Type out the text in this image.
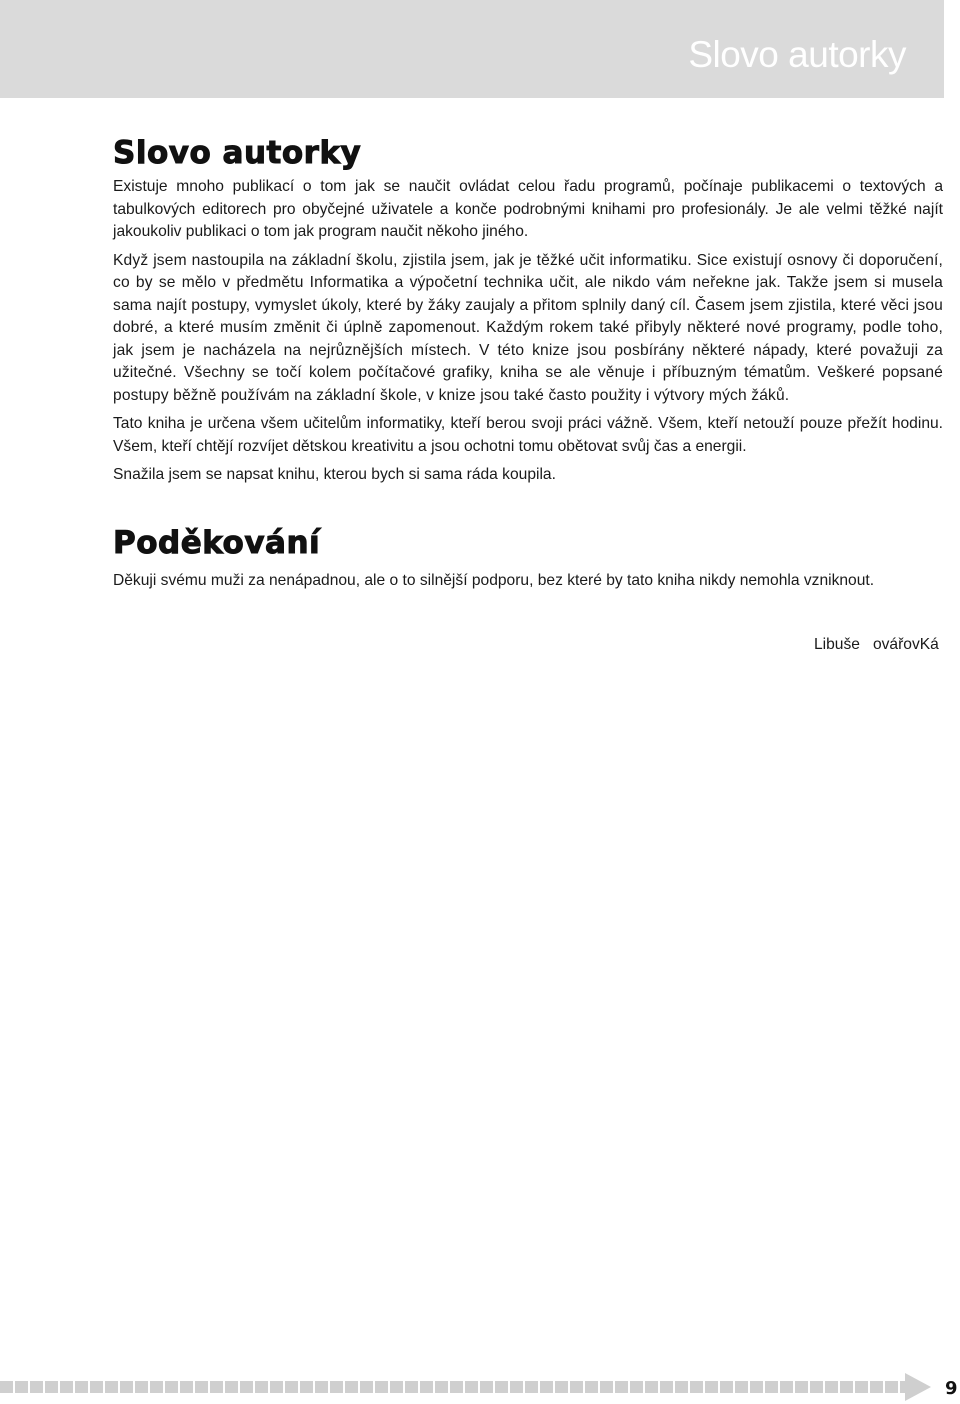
Slovo autorky
Slovo autorky

Existuje mnoho publikací o tom jak se naučit ovládat celou řadu programů, počínaje publikacemi o textových a tabulkových editorech pro obyčejné uživatele a konče podrobnými knihami pro profesionály. Je ale velmi těžké najít jakoukoliv publikaci o tom jak program naučit někoho jiného.

Když jsem nastoupila na základní školu, zjistila jsem, jak je těžké učit informatiku. Sice existují osnovy či doporučení, co by se mělo v předmětu Informatika a výpočetní technika učit, ale nikdo vám neřekne jak. Takže jsem si musela sama najít postupy, vymyslet úkoly, které by žáky zaujaly a přitom splnily daný cíl. Časem jsem zjistila, které věci jsou dobré, a které musím změnit či úplně zapomenout. Každým rokem také přibyly některé nové programy, podle toho, jak jsem je nacházela na nejrůznějších místech. V této knize jsou posbírány některé nápady, které považuji za užitečné. Všechny se točí kolem počítačové grafiky, kniha se ale věnuje i příbuzným tématům. Veškeré popsané postupy běžně používám na základní škole, v knize jsou také často použity i výtvory mých žáků.

Tato kniha je určena všem učitelům informatiky, kteří berou svoji práci vážně. Všem, kteří netouží pouze přežít hodinu. Všem, kteří chtějí rozvíjet dětskou kreativitu a jsou ochotni tomu obětovat svůj čas a energii.

Snažila jsem se napsat knihu, kterou bych si sama ráda koupila.

Poděkování

Děkuji svému muži za nenápadnou, ale o to silnější podporu, bez které by tato kniha nikdy nemohla vzniknout.

Libuše   ovářovKá
9
